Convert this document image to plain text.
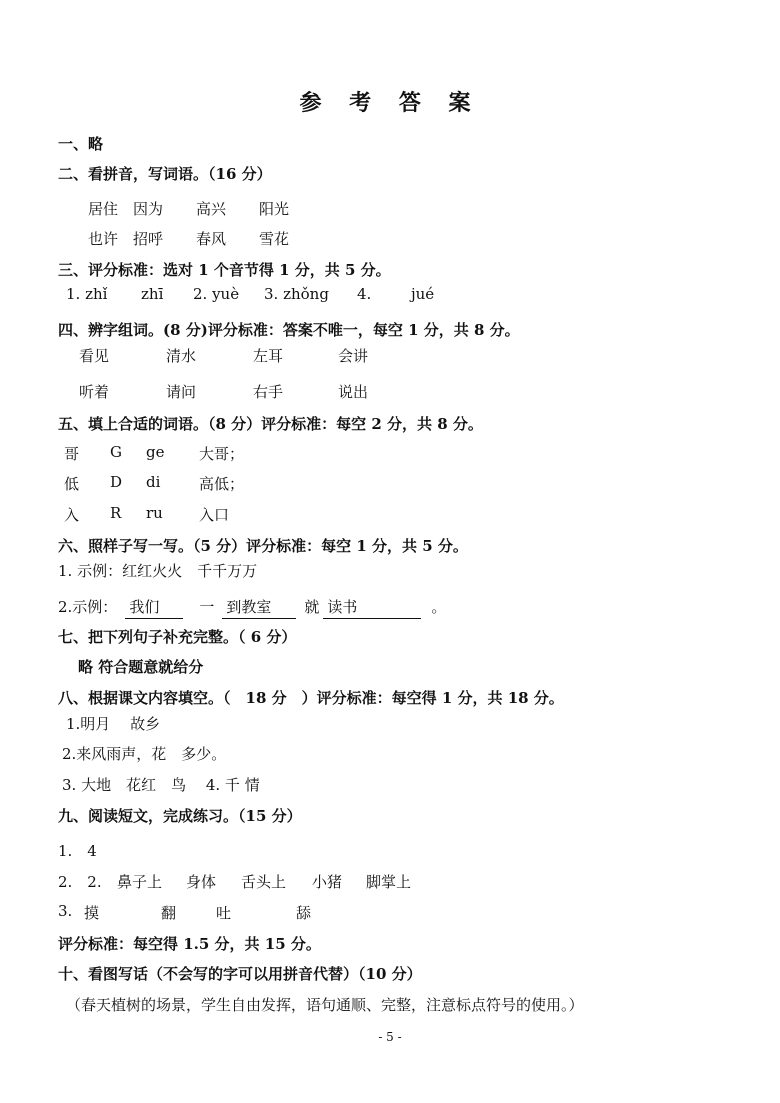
参 考 答 案
一、略
二、看拼音，写词语。（16 分）
居住 因为 高兴 阳光
也许 招呼 春风 雪花
三、评分标准：选对 1 个音节得 1 分，共 5 分。
1. zhǐ zhī 2. yuè 3. zhǒng 4.	jué
四、辨字组词。(8 分)评分标准：答案不唯一，每空 1 分，共 8 分。
看见	清水	左耳	会讲
听着	请问	右手	说出
五、填上合适的词语。（8 分）评分标准：每空 2 分，共 8 分。
哥 G ge 大哥；
低 D di	高低；
入 R ru 入口
六、照样子写一写。（5 分）评分标准：每空 1 分，共 5 分。
1. 示例：红红火火　千千万万
2.示例： 我们	一 到教室 就 读书	。
七、把下列句子补充完整。（ 6 分）
略 符合题意就给分
八、根据课文内容填空。（　18 分　）评分标准：每空得 1 分，共 18 分。
1.明月　 故乡
2.来风雨声，花　多少。
3. 大地　花红　鸟　 4. 千 情
九、阅读短文，完成练习。（15 分）
1.　4
2.　2. 鼻子上 身体 舌头上 小猪 脚掌上
3. 摸	翻	吐	舔
评分标准：每空得 1.5 分，共 15 分。
十、看图写话（不会写的字可以用拼音代替）（10 分）
（春天植树的场景，学生自由发挥，语句通顺、完整，注意标点符号的使用。）
- 5 -
